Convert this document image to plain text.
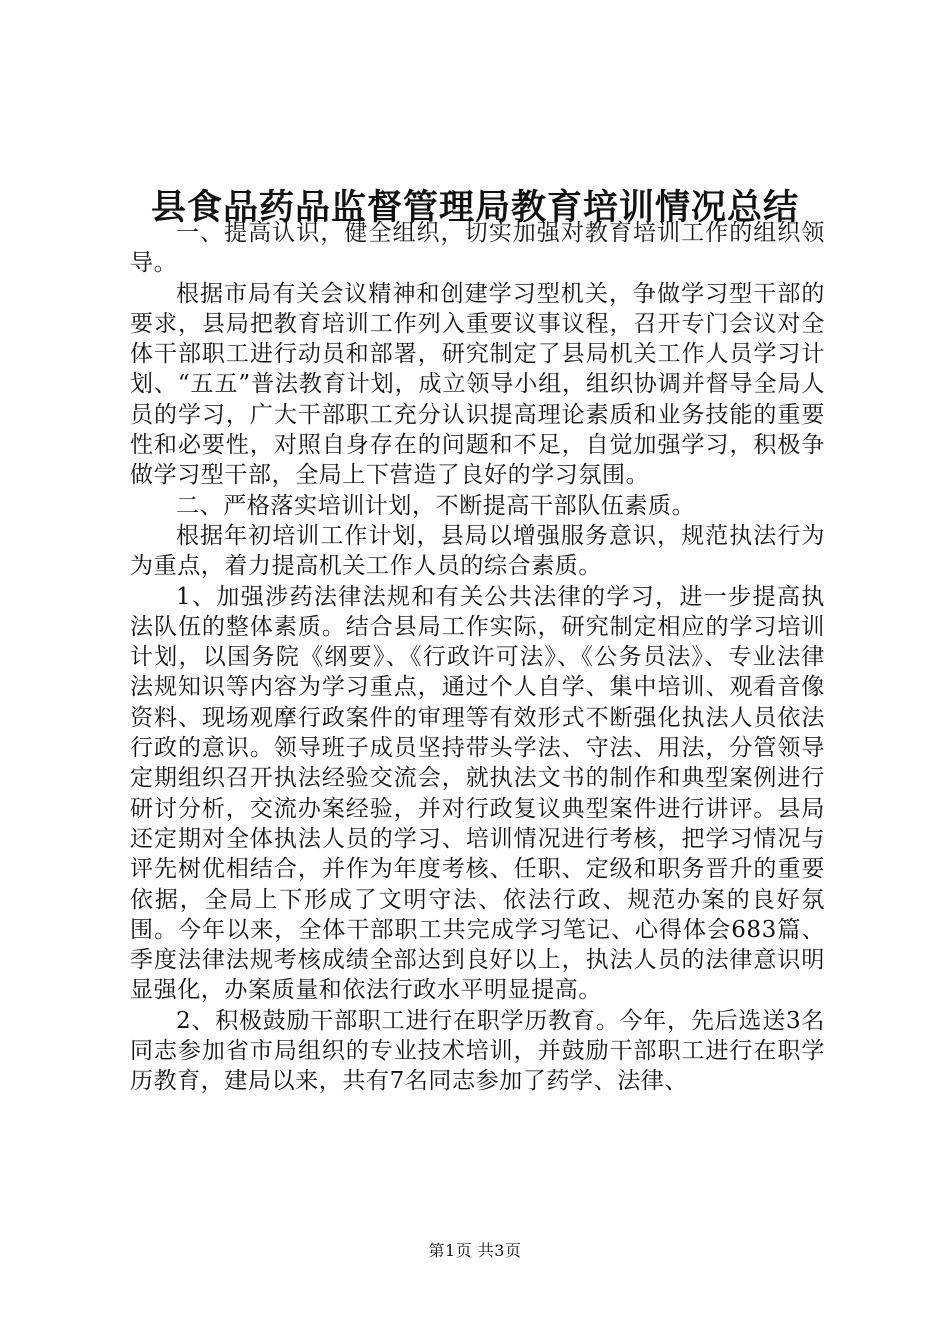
县食品药品监督管理局教育培训情况总结

一、提高认识，健全组织，切实加强对教育培训工作的组织领导。

根据市局有关会议精神和创建学习型机关，争做学习型干部的要求，县局把教育培训工作列入重要议事议程，召开专门会议对全体干部职工进行动员和部署，研究制定了县局机关工作人员学习计划、“五五”普法教育计划，成立领导小组，组织协调并督导全局人员的学习，广大干部职工充分认识提高理论素质和业务技能的重要性和必要性，对照自身存在的问题和不足，自觉加强学习，积极争做学习型干部，全局上下营造了良好的学习氛围。

二、严格落实培训计划，不断提高干部队伍素质。

根据年初培训工作计划，县局以增强服务意识，规范执法行为为重点，着力提高机关工作人员的综合素质。

1、加强涉药法律法规和有关公共法律的学习，进一步提高执法队伍的整体素质。结合县局工作实际，研究制定相应的学习培训计划，以国务院《纲要》、《行政许可法》、《公务员法》、专业法律法规知识等内容为学习重点，通过个人自学、集中培训、观看音像资料、现场观摩行政案件的审理等有效形式不断强化执法人员依法行政的意识。领导班子成员坚持带头学法、守法、用法，分管领导定期组织召开执法经验交流会，就执法文书的制作和典型案例进行研讨分析，交流办案经验，并对行政复议典型案件进行讲评。县局还定期对全体执法人员的学习、培训情况进行考核，把学习情况与评先树优相结合，并作为年度考核、任职、定级和职务晋升的重要依据，全局上下形成了文明守法、依法行政、规范办案的良好氛围。今年以来，全体干部职工共完成学习笔记、心得体会683篇、季度法律法规考核成绩全部达到良好以上，执法人员的法律意识明显强化，办案质量和依法行政水平明显提高。

2、积极鼓励干部职工进行在职学历教育。今年，先后选送3名同志参加省市局组织的专业技术培训，并鼓励干部职工进行在职学历教育，建局以来，共有7名同志参加了药学、法律、

第1页 共3页
